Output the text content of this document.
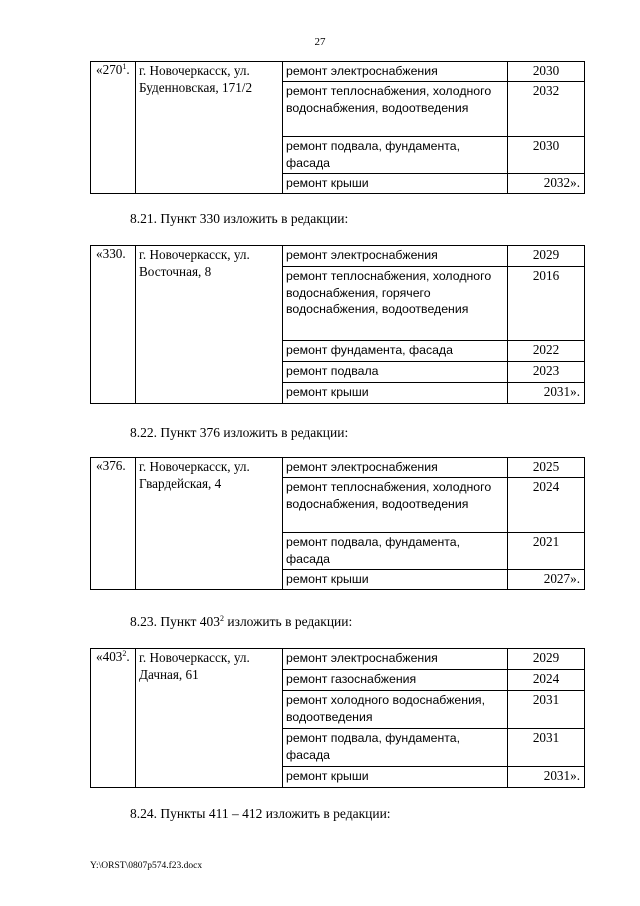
27
«$270^1$.	г. Новочеркасск, ул. Буденновская, 171/2	ремонт электроснабжения	2030
		ремонт теплоснабжения, холодного водоснабжения, водоотведения	2032
		ремонт подвала, фундамента, фасада	2030
		ремонт крыши	2032».
8.21. Пункт 330 изложить в редакции:
«330.	г. Новочеркасск, ул. Восточная, 8	ремонт электроснабжения	2029
		ремонт теплоснабжения, холодного водоснабжения, горячего водоснабжения, водоотведения	2016
		ремонт фундамента, фасада	2022
		ремонт подвала	2023
		ремонт крыши	2031».
8.22. Пункт 376 изложить в редакции:
«376.	г. Новочеркасск, ул. Гвардейская, 4	ремонт электроснабжения	2025
		ремонт теплоснабжения, холодного водоснабжения, водоотведения	2024
		ремонт подвала, фундамента, фасада	2021
		ремонт крыши	2027».
8.23. Пункт $403^2$ изложить в редакции:
«$403^2$.	г. Новочеркасск, ул. Дачная, 61	ремонт электроснабжения	2029
		ремонт газоснабжения	2024
		ремонт холодного водоснабжения, водоотведения	2031
		ремонт подвала, фундамента, фасада	2031
		ремонт крыши	2031».
8.24. Пункты 411 – 412 изложить в редакции:
Y:\ORST\0807p574.f23.docx
